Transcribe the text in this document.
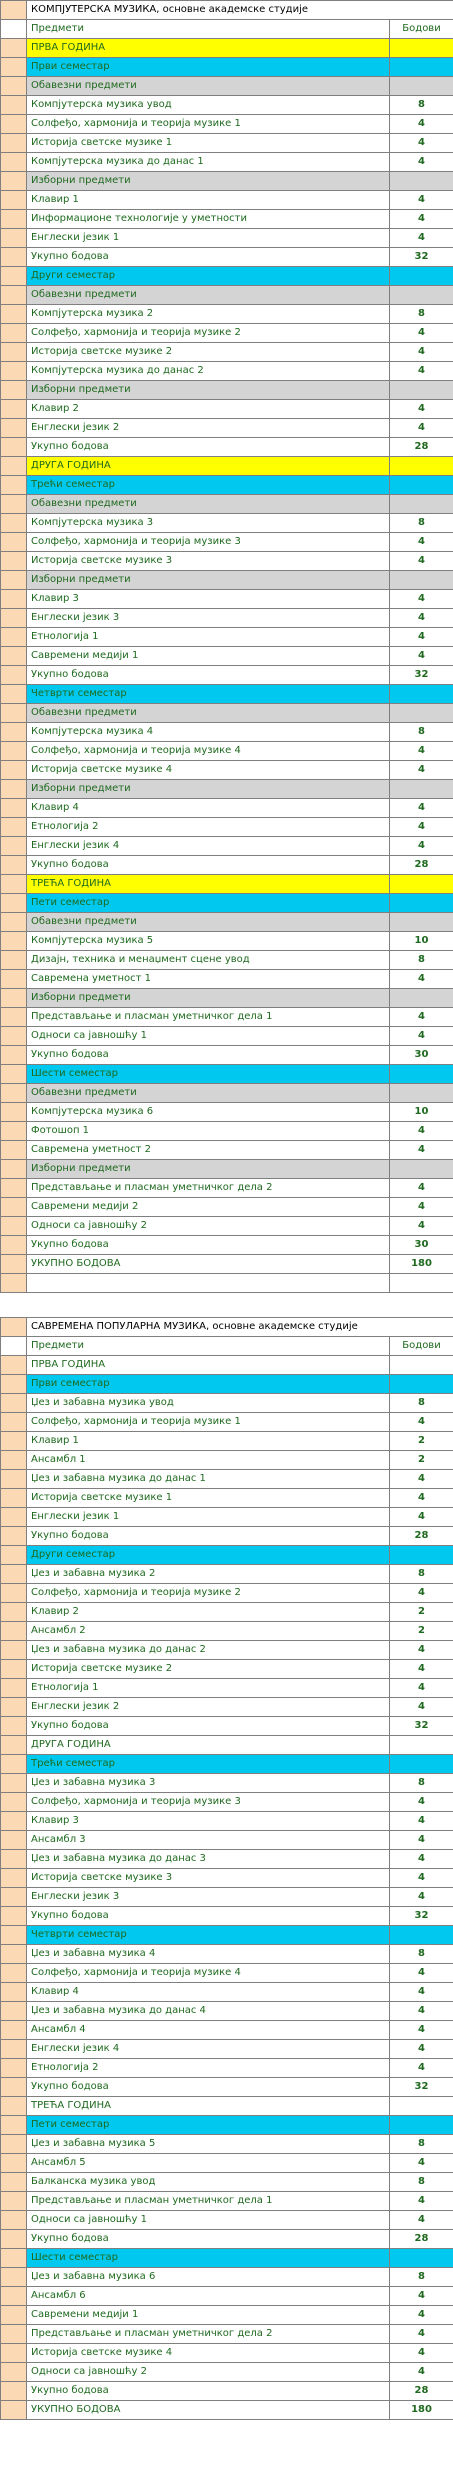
	КОМПЈУТЕРСКА МУЗИКА, основне академске студије	
	Предмети	Бодови
	ПРВА ГОДИНА	
	Први семестар	
	Обавезни предмети	
	Компјутерска музика увод	8
	Солфеђо, хармонија и теорија музике 1	4
	Историја светске музике 1	4
	Компјутерска музика до данас 1	4
	Изборни предмети	
	Клавир 1	4
	Информационе технологије у уметности	4
	Енглески језик 1	4
	Укупно бодова	32
	Други семестар	
	Обавезни предмети	
	Компјутерска музика 2	8
	Солфеђо, хармонија и теорија музике 2	4
	Историја светске музике 2	4
	Компјутерска музика до данас 2	4
	Изборни предмети	
	Клавир 2	4
	Енглески језик 2	4
	Укупно бодова	28
	ДРУГА ГОДИНА	
	Трећи семестар	
	Обавезни предмети	
	Компјутерска музика 3	8
	Солфеђо, хармонија и теорија музике 3	4
	Историја светске музике 3	4
	Изборни предмети	
	Клавир 3	4
	Енглески језик 3	4
	Етнологија 1	4
	Савремени медији 1	4
	Укупно бодова	32
	Четврти семестар	
	Обавезни предмети	
	Компјутерска музика 4	8
	Солфеђо, хармонија и теорија музике 4	4
	Историја светске музике 4	4
	Изборни предмети	
	Клавир 4	4
	Етнологија 2	4
	Енглески језик 4	4
	Укупно бодова	28
	ТРЕЋА ГОДИНА	
	Пети семестар	
	Обавезни предмети	
	Компјутерска музика 5	10
	Дизајн, техника и менаџмент сцене увод	8
	Савремена уметност 1	4
	Изборни предмети	
	Представљање и пласман уметничког дела 1	4
	Односи са јавношћу 1	4
	Укупно бодова	30
	Шести семестар	
	Обавезни предмети	
	Компјутерска музика 6	10
	Фотошоп 1	4
	Савремена уметност 2	4
	Изборни предмети	
	Представљање и пласман уметничког дела 2	4
	Савремени медији 2	4
	Односи са јавношћу 2	4
	Укупно бодова	30
	УКУПНО БОДОВА	180

	САВРЕМЕНА ПОПУЛАРНА МУЗИКА, основне академске студије	
	Предмети	Бодови
	ПРВА ГОДИНА	
	Први семестар	
	Џез и забавна музика увод	8
	Солфеђо, хармонија и теорија музике 1	4
	Клавир 1	2
	Ансамбл 1	2
	Џез и забавна музика до данас 1	4
	Историја светске музике 1	4
	Енглески језик 1	4
	Укупно бодова	28
	Други семестар	
	Џез и забавна музика 2	8
	Солфеђо, хармонија и теорија музике 2	4
	Клавир 2	2
	Ансамбл 2	2
	Џез и забавна музика до данас 2	4
	Историја светске музике 2	4
	Етнологија 1	4
	Енглески језик 2	4
	Укупно бодова	32
	ДРУГА ГОДИНА	
	Трећи семестар	
	Џез и забавна музика 3	8
	Солфеђо, хармонија и теорија музике 3	4
	Клавир 3	4
	Ансамбл 3	4
	Џез и забавна музика до данас 3	4
	Историја светске музике 3	4
	Енглески језик 3	4
	Укупно бодова	32
	Четврти семестар	
	Џез и забавна музика 4	8
	Солфеђо, хармонија и теорија музике 4	4
	Клавир 4	4
	Џез и забавна музика до данас 4	4
	Ансамбл 4	4
	Енглески језик 4	4
	Етнологија 2	4
	Укупно бодова	32
	ТРЕЋА ГОДИНА	
	Пети семестар	
	Џез и забавна музика 5	8
	Ансамбл 5	4
	Балканска музика увод	8
	Представљање и пласман уметничког дела 1	4
	Односи са јавношћу 1	4
	Укупно бодова	28
	Шести семестар	
	Џез и забавна музика 6	8
	Ансамбл 6	4
	Савремени медији 1	4
	Представљање и пласман уметничког дела 2	4
	Историја светске музике 4	4
	Односи са јавношћу 2	4
	Укупно бодова	28
	УКУПНО БОДОВА	180
